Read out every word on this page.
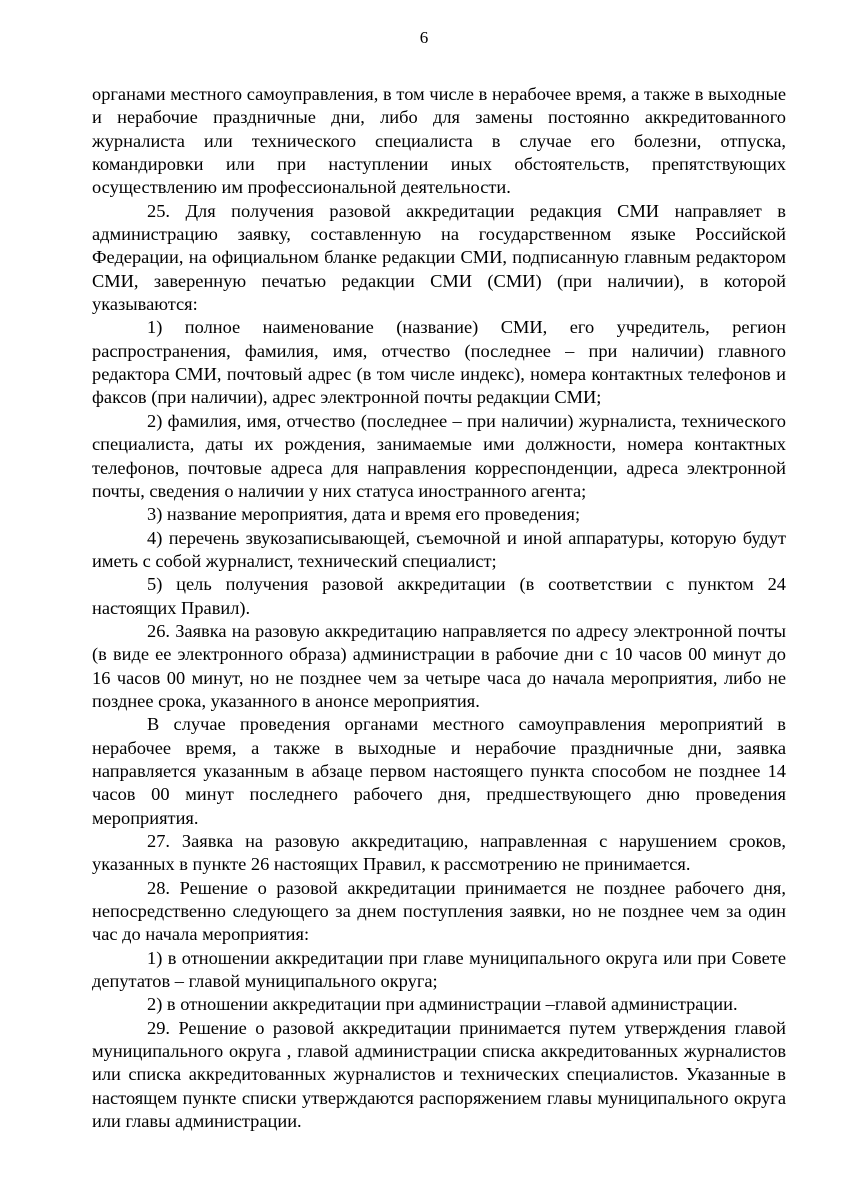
6

органами местного самоуправления, в том числе в нерабочее время, а также в выходные и нерабочие праздничные дни, либо для замены постоянно аккредитованного журналиста или технического специалиста в случае его болезни, отпуска, командировки или при наступлении иных обстоятельств, препятствующих осуществлению им профессиональной деятельности.

25. Для получения разовой аккредитации редакция СМИ направляет в администрацию заявку, составленную на государственном языке Российской Федерации, на официальном бланке редакции СМИ, подписанную главным редактором СМИ, заверенную печатью редакции СМИ (СМИ) (при наличии), в которой указываются:

1) полное наименование (название) СМИ, его учредитель, регион распространения, фамилия, имя, отчество (последнее – при наличии) главного редактора СМИ, почтовый адрес (в том числе индекс), номера контактных телефонов и факсов (при наличии), адрес электронной почты редакции СМИ;

2) фамилия, имя, отчество (последнее – при наличии) журналиста, технического специалиста, даты их рождения, занимаемые ими должности, номера контактных телефонов, почтовые адреса для направления корреспонденции, адреса электронной почты, сведения о наличии у них статуса иностранного агента;

3) название мероприятия, дата и время его проведения;

4) перечень звукозаписывающей, съемочной и иной аппаратуры, которую будут иметь с собой журналист, технический специалист;

5) цель получения разовой аккредитации (в соответствии с пунктом 24 настоящих Правил).

26. Заявка на разовую аккредитацию направляется по адресу электронной почты (в виде ее электронного образа) администрации в рабочие дни с 10 часов 00 минут до 16 часов 00 минут, но не позднее чем за четыре часа до начала мероприятия, либо не позднее срока, указанного в анонсе мероприятия.

В случае проведения органами местного самоуправления мероприятий в нерабочее время, а также в выходные и нерабочие праздничные дни, заявка направляется указанным в абзаце первом настоящего пункта способом не позднее 14 часов 00 минут последнего рабочего дня, предшествующего дню проведения мероприятия.

27. Заявка на разовую аккредитацию, направленная с нарушением сроков, указанных в пункте 26 настоящих Правил, к рассмотрению не принимается.

28. Решение о разовой аккредитации принимается не позднее рабочего дня, непосредственно следующего за днем поступления заявки, но не позднее чем за один час до начала мероприятия:

1) в отношении аккредитации при главе муниципального округа или при Совете депутатов – главой муниципального округа;

2) в отношении аккредитации при администрации –главой администрации.

29. Решение о разовой аккредитации принимается путем утверждения главой муниципального округа , главой администрации списка аккредитованных журналистов или списка аккредитованных журналистов и технических специалистов. Указанные в настоящем пункте списки утверждаются распоряжением главы муниципального округа или главы администрации.
